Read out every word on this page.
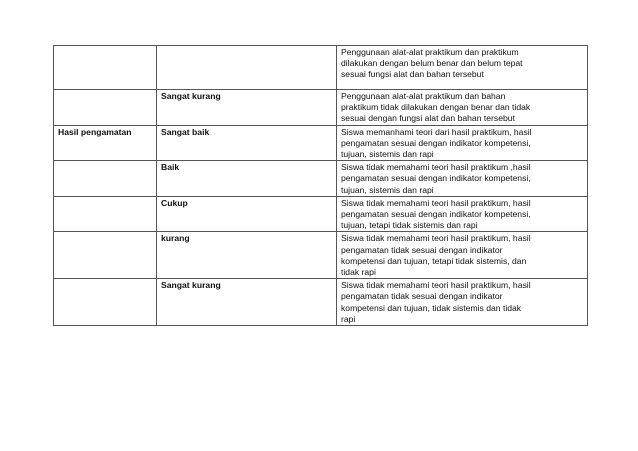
		Penggunaan alat-alat praktikum dan praktikum dilakukan dengan belum benar dan belum tepat sesuai fungsi alat dan bahan tersebut

	Sangat kurang	Penggunaan alat-alat praktikum dan bahan praktikum tidak dilakukan dengan benar dan tidak sesuai dengan fungsi alat dan bahan tersebut

Hasil pengamatan	Sangat baik	Siswa memanhami teori dari hasil praktikum, hasil pengamatan sesuai dengan indikator kompetensi, tujuan, sistemis dan rapi

	Baik	Siswa tidak memahami teori hasil praktikum ,hasil pengamatan sesuai dengan indikator kompetensi, tujuan, sistemis dan rapi

	Cukup	Siswa tidak memahami teori hasil praktikum, hasil pengamatan sesuai dengan indikator kompetensi, tujuan, tetapi tidak sistemis dan rapi

	kurang	Siswa tidak memahami teori hasil praktikum, hasil pengamatan tidak sesuai dengan indikator kompetensi dan tujuan, tetapi tidak sistemis, dan tidak rapi

	Sangat kurang	Siswa tidak memahami teori hasil praktikum, hasil pengamatan tidak sesuai dengan indikator kompetensi dan tujuan, tidak sistemis dan tidak rapi
